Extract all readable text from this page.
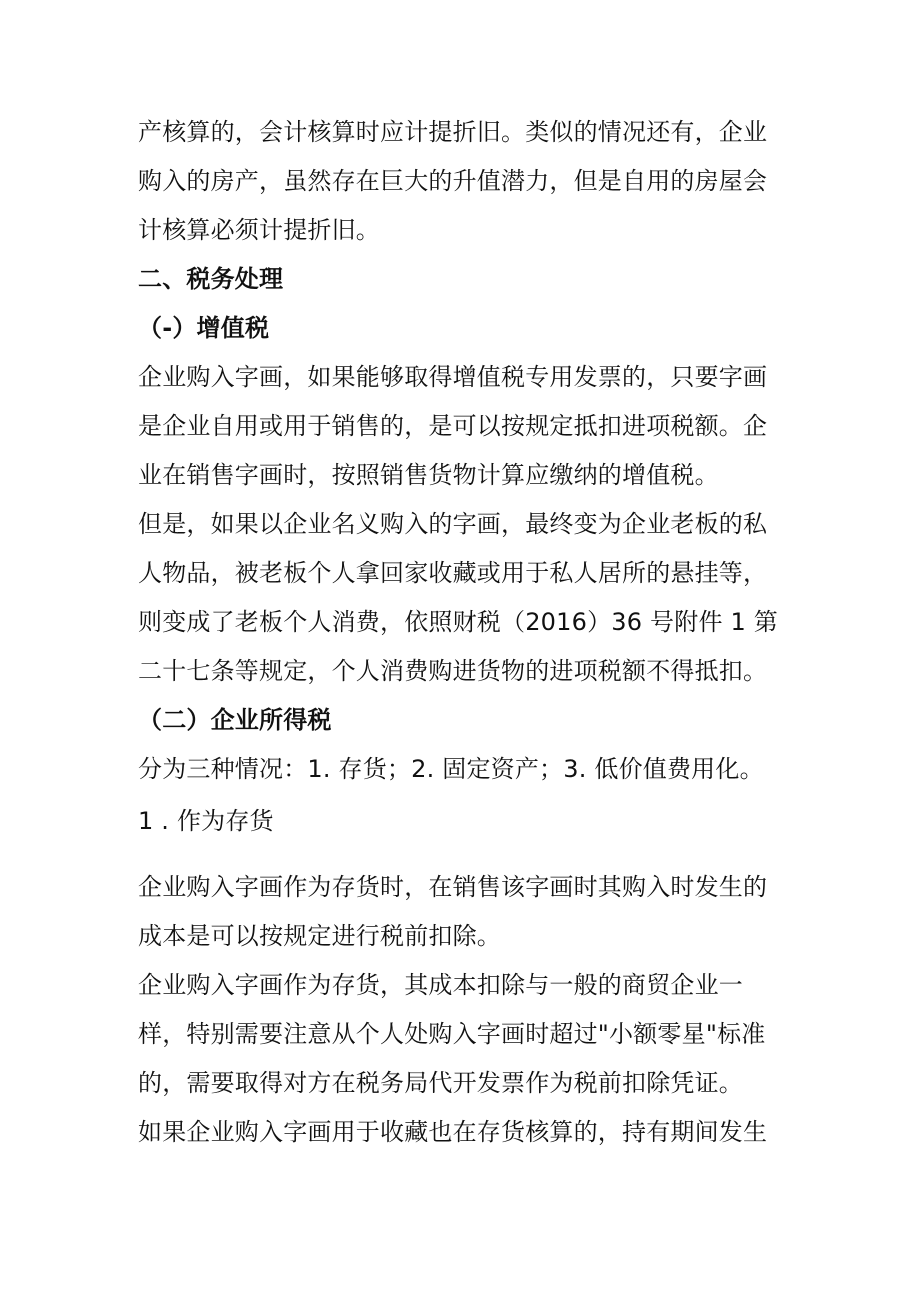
产核算的，会计核算时应计提折旧。类似的情况还有，企业
购入的房产，虽然存在巨大的升值潜力，但是自用的房屋会
计核算必须计提折旧。
二、税务处理
（-）增值税
企业购入字画，如果能够取得增值税专用发票的，只要字画
是企业自用或用于销售的，是可以按规定抵扣进项税额。企
业在销售字画时，按照销售货物计算应缴纳的增值税。
但是，如果以企业名义购入的字画，最终变为企业老板的私
人物品，被老板个人拿回家收藏或用于私人居所的悬挂等，
则变成了老板个人消费，依照财税（2016）36 号附件 1 第
二十七条等规定，个人消费购进货物的进项税额不得抵扣。
（二）企业所得税
分为三种情况：1. 存货；2. 固定资产；3. 低价值费用化。
1 . 作为存货
企业购入字画作为存货时，在销售该字画时其购入时发生的
成本是可以按规定进行税前扣除。
企业购入字画作为存货，其成本扣除与一般的商贸企业一
样，特别需要注意从个人处购入字画时超过"小额零星"标准
的，需要取得对方在税务局代开发票作为税前扣除凭证。
如果企业购入字画用于收藏也在存货核算的，持有期间发生
